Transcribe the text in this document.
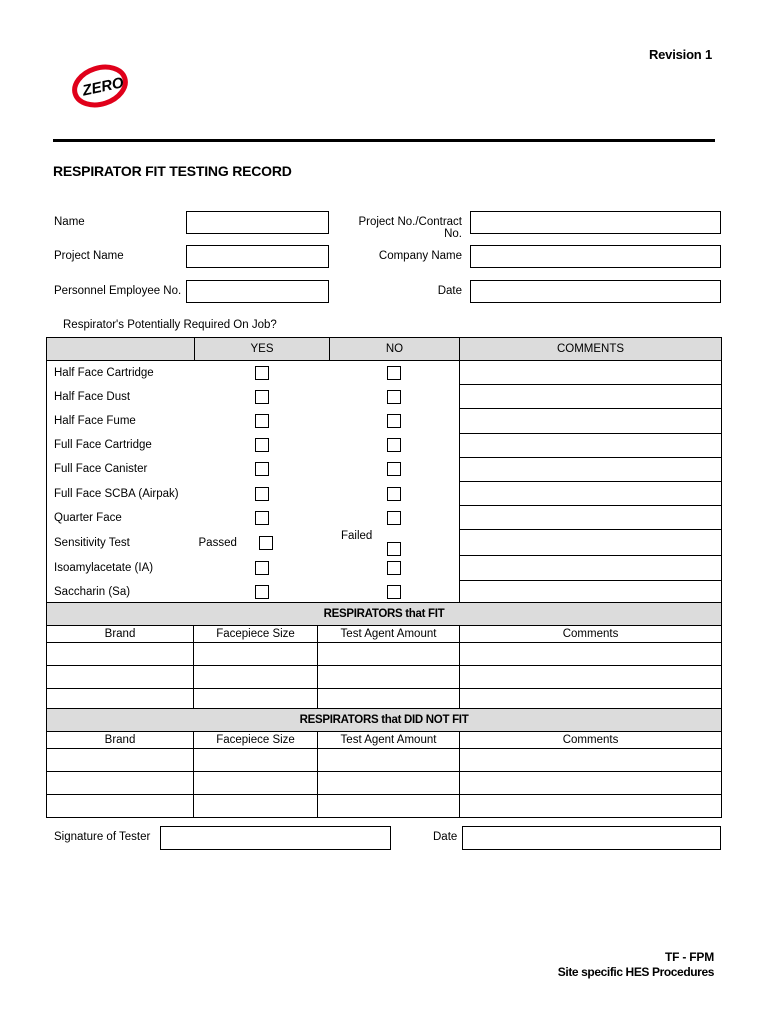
Revision 1
ZERO
RESPIRATOR FIT TESTING RECORD
Name	Project No./Contract No.
Project Name	Company Name
Personnel Employee No.	Date
Respirator's Potentially Required On Job?
	YES	NO	COMMENTS
Half Face Cartridge			
Half Face Dust			
Half Face Fume			
Full Face Cartridge			
Full Face Canister			
Full Face SCBA (Airpak)			
Quarter Face			
Sensitivity Test	Passed	Failed	
Isoamylacetate (IA)			
Saccharin (Sa)			
RESPIRATORS that FIT			
Brand	Facepiece Size	Test Agent Amount	Comments

RESPIRATORS that DID NOT FIT			
Brand	Facepiece Size	Test Agent Amount	Comments

Signature of Tester	Date
TF - FPM
Site specific HES Procedures
